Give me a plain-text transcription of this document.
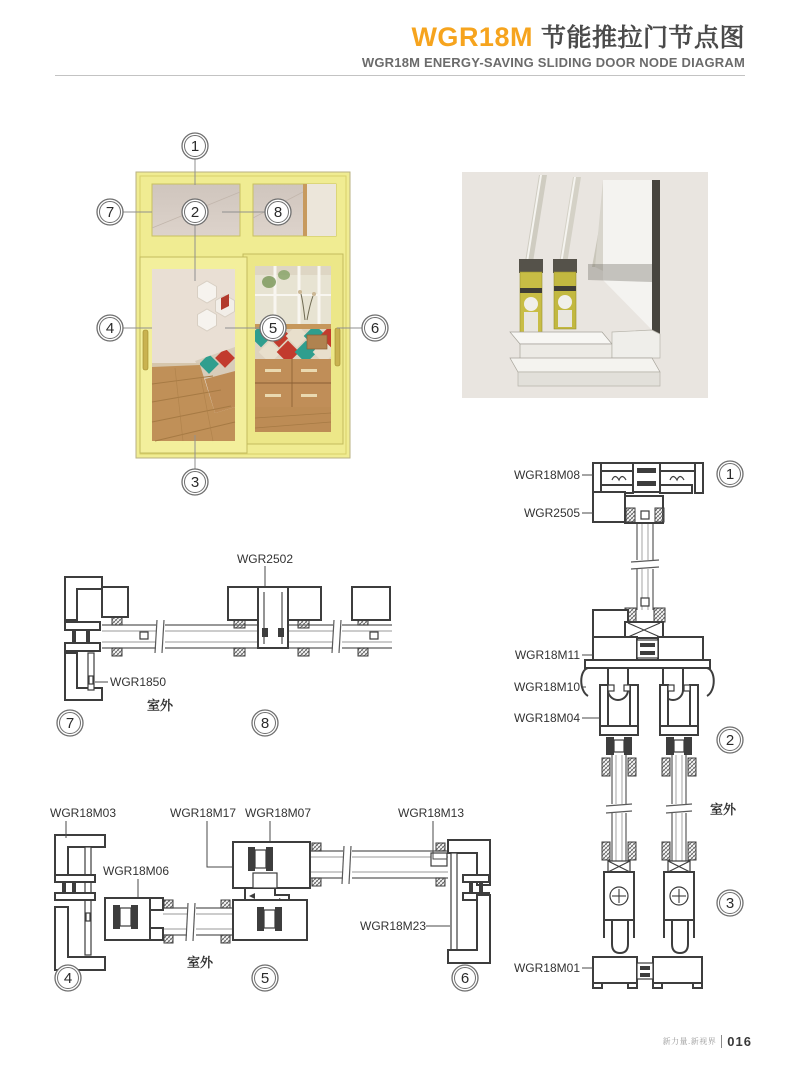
WGR18M 节能推拉门节点图
WGR18M ENERGY-SAVING SLIDING DOOR NODE DIAGRAM
1
7	2	8
4	5	6
3
WGR2502
WGR1850
室外
7	8
WGR18M03	WGR18M17 WGR18M07	WGR18M13
WGR18M06
WGR18M23
室外
4	5	6
WGR18M08
WGR2505
WGR18M11
WGR18M10
WGR18M04
WGR18M01
室外
1
2
3
新力量.新视界 016
